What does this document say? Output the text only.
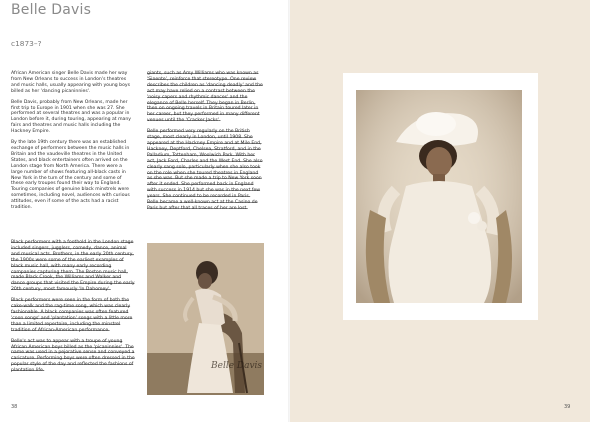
Belle Davis
c1873–?

African American singer Belle Davis made her way from New Orleans to success in London's theatres and music halls, usually appearing with young boys billed as her 'dancing picaninnies'.

Belle Davis, probably from New Orleans, made her first trip to Europe in 1901 when she was 27. She performed at several theatres and was a popular in London before it, during touring, appearing at many fairs and theatres and music halls including the Hackney Empire.

By the late 19th century there was an established exchange of performers between the music halls in Britain and the vaudeville theatres in the United States, and black entertainers often arrived on the London stage from North America. There were a large number of shows featuring all-black casts in New York in the turn of the century and some of these early troupes found their way to England. Touring companies of genuine black minstrels were sometimes, including novel, audiences with curious attitudes, even if some of the acts had a racist tradition.

Black performers with a foothold in the London stage included singers, jugglers, comedy, dance, animal and musical acts. Brothers, in the early 20th century, the 1900s were some of the earliest examples of black music hall, with many early recording companies capturing them. The Boston music hall, made Black Crook, the Williams and Walker and dance groups that visited the Empire during the early 20th century, most famously 'In Dahomey'.

Black performers were seen in the form of both the cake-walk and the rag-time song, which was clearly fashionable. A black companies was often featured 'coon songs' and 'plantation' songs with a little more than a limited repertoire, including the minstrel tradition of African-American performance.

Belle's act was to appear with a troupe of young African American boys billed as the 'picaninnies'. The name was used in a pejorative sense and conveyed a caricature. Performing boys were often dressed in the popular style of the day and reflected the fashions of plantation life.

giants, such as Amy Williams who was known as 'Sinente', reinforce that stereotype. One review describes the children as 'dancing deadly' and the act may have relied on a contrast between the 'noisy capers and rhythmic dances' and the elegance of Belle herself. They began in Berlin, then on ongoing travels in Britain toured later in her career, but they performed in many different venues until the 'Cracker Jacks'.

Belle performed very regularly on the British stage, most clearly in London, until 1908. She appeared at the Hackney Empire and at Mile End, Hackney, Deptford, Chelsea, Stratford, and in the Palladium, Tottenham, Woolwich Park. With her act, Jack Ford, Charles and the West End. She also clearly sang solo, particularly when she also took on the role when she toured theatres in England as she was. But she made a trip to New York soon after it ended. She performed back in England with success in 1914 but she was in the next few years. She continued to be recorded in Paris. Belle became a well-known act at the Casino de Paris but after that all traces of her are lost.

Belle Davis
38	39
